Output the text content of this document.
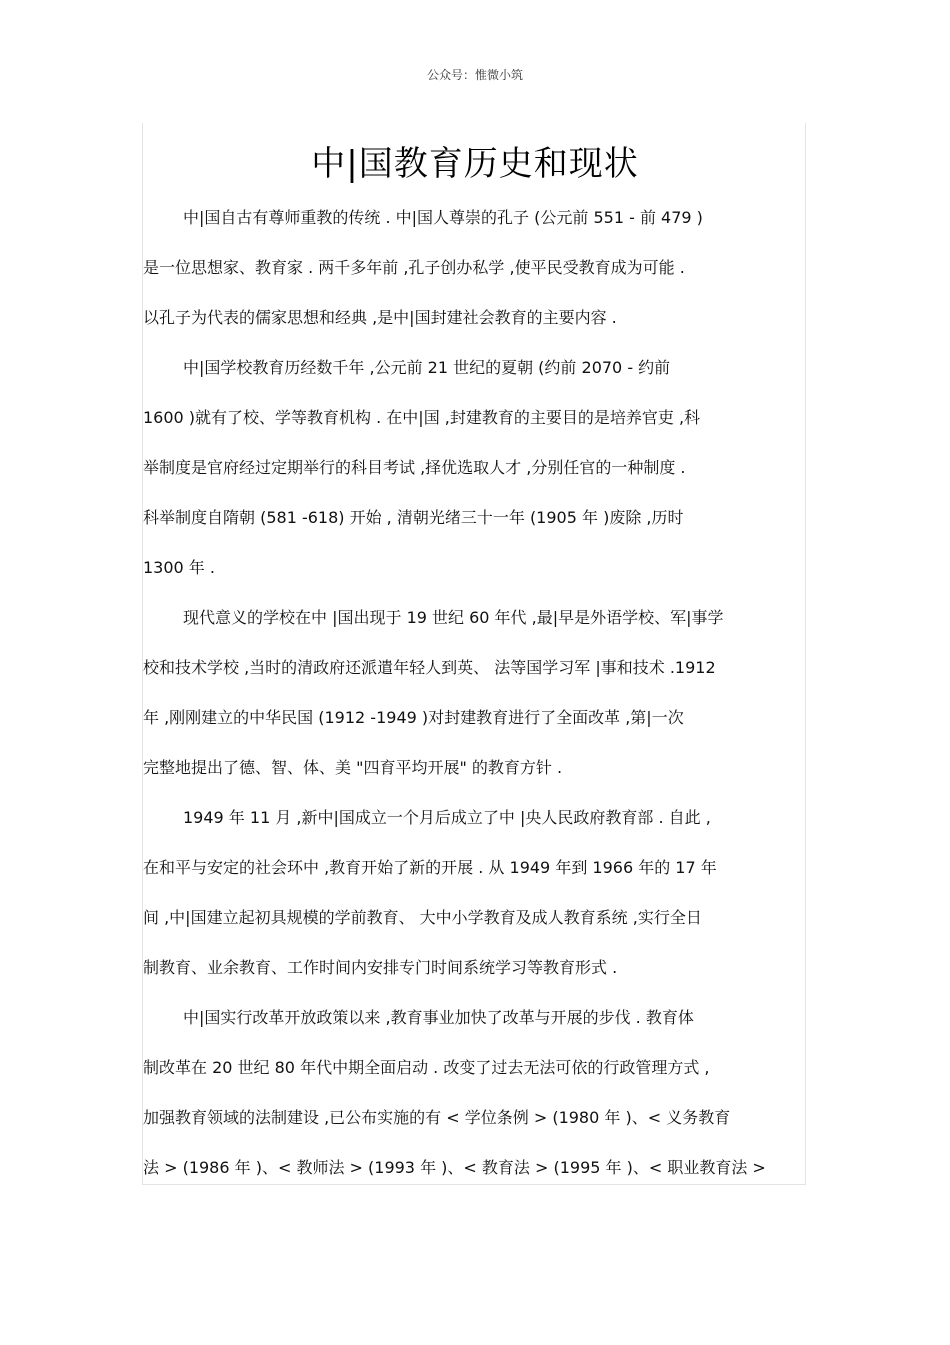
公众号：惟微小筑
中|国教育历史和现状
中|国自古有尊师重教的传统 . 中|国人尊崇的孔子 (公元前 551 - 前 479 )
是一位思想家、教育家 . 两千多年前 ,孔子创办私学 ,使平民受教育成为可能 .
以孔子为代表的儒家思想和经典 ,是中|国封建社会教育的主要内容 .
中|国学校教育历经数千年 ,公元前 21 世纪的夏朝 (约前 2070 - 约前
1600 )就有了校、学等教育机构 . 在中|国 ,封建教育的主要目的是培养官吏 ,科
举制度是官府经过定期举行的科目考试 ,择优选取人才 ,分别任官的一种制度 .
科举制度自隋朝 (581 -618) 开始 , 清朝光绪三十一年 (1905 年 )废除 ,历时
1300 年 .
现代意义的学校在中 |国出现于 19 世纪 60 年代 ,最|早是外语学校、军|事学
校和技术学校 ,当时的清政府还派遣年轻人到英、 法等国学习军 |事和技术 .1912
年 ,刚刚建立的中华民国 (1912 -1949 )对封建教育进行了全面改革 ,第|一次
完整地提出了德、智、体、美 "四育平均开展" 的教育方针 .
1949 年 11 月 ,新中|国成立一个月后成立了中 |央人民政府教育部 . 自此 ,
在和平与安定的社会环中 ,教育开始了新的开展 . 从 1949 年到 1966 年的 17 年
间 ,中|国建立起初具规模的学前教育、 大中小学教育及成人教育系统 ,实行全日
制教育、业余教育、工作时间内安排专门时间系统学习等教育形式 .
中|国实行改革开放政策以来 ,教育事业加快了改革与开展的步伐 . 教育体
制改革在 20 世纪 80 年代中期全面启动 . 改变了过去无法可依的行政管理方式 ,
加强教育领域的法制建设 ,已公布实施的有 < 学位条例 > (1980 年 )、< 义务教育
法 > (1986 年 )、< 教师法 > (1993 年 )、< 教育法 > (1995 年 )、< 职业教育法 >
